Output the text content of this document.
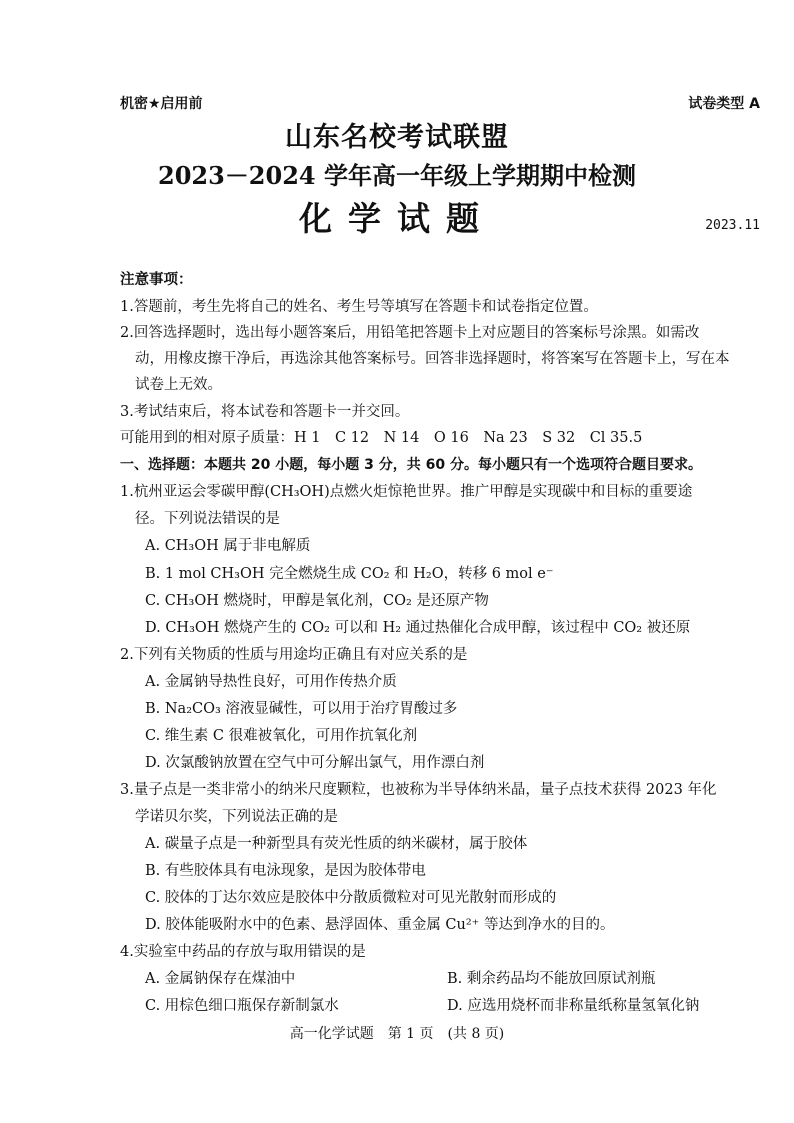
机密★启用前	试卷类型 A
山东名校考试联盟
2023－2024 学年高一年级上学期期中检测
化学试题	2023.11
注意事项：
1.答题前，考生先将自己的姓名、考生号等填写在答题卡和试卷指定位置。
2.回答选择题时，选出每小题答案后，用铅笔把答题卡上对应题目的答案标号涂黑。如需改
动，用橡皮擦干净后，再选涂其他答案标号。回答非选择题时，将答案写在答题卡上，写在本
试卷上无效。
3.考试结束后，将本试卷和答题卡一并交回。
可能用到的相对原子质量：H 1　C 12　N 14　O 16　Na 23　S 32　Cl 35.5
一、选择题：本题共 20 小题，每小题 3 分，共 60 分。每小题只有一个选项符合题目要求。
1.杭州亚运会零碳甲醇(CH₃OH)点燃火炬惊艳世界。推广甲醇是实现碳中和目标的重要途
径。下列说法错误的是
A. CH₃OH 属于非电解质
B. 1 mol CH₃OH 完全燃烧生成 CO₂ 和 H₂O，转移 6 mol e⁻
C. CH₃OH 燃烧时，甲醇是氧化剂，CO₂ 是还原产物
D. CH₃OH 燃烧产生的 CO₂ 可以和 H₂ 通过热催化合成甲醇，该过程中 CO₂ 被还原
2.下列有关物质的性质与用途均正确且有对应关系的是
A. 金属钠导热性良好，可用作传热介质
B. Na₂CO₃ 溶液显碱性，可以用于治疗胃酸过多
C. 维生素 C 很难被氧化，可用作抗氧化剂
D. 次氯酸钠放置在空气中可分解出氯气，用作漂白剂
3.量子点是一类非常小的纳米尺度颗粒，也被称为半导体纳米晶，量子点技术获得 2023 年化
学诺贝尔奖，下列说法正确的是
A. 碳量子点是一种新型具有荧光性质的纳米碳材，属于胶体
B. 有些胶体具有电泳现象，是因为胶体带电
C. 胶体的丁达尔效应是胶体中分散质微粒对可见光散射而形成的
D. 胶体能吸附水中的色素、悬浮固体、重金属 Cu²⁺ 等达到净水的目的。
4.实验室中药品的存放与取用错误的是
A. 金属钠保存在煤油中	B. 剩余药品均不能放回原试剂瓶
C. 用棕色细口瓶保存新制氯水	D. 应选用烧杯而非称量纸称量氢氧化钠
高一化学试题　第 1 页　(共 8 页)
